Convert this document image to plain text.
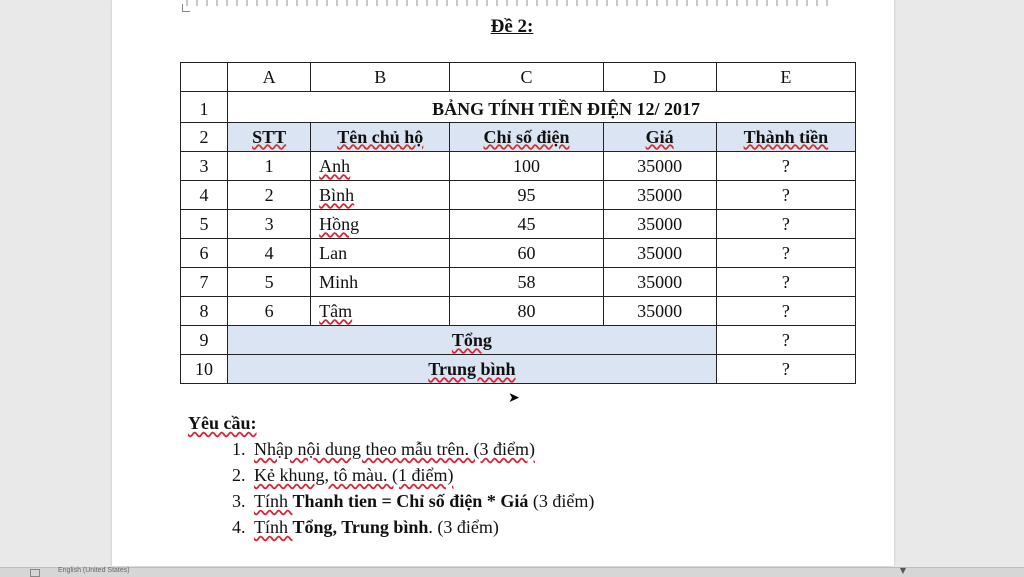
Đề 2:
	A	B	C	D	E
1	BẢNG TÍNH TIỀN ĐIỆN 12/ 2017				
2	STT	Tên chủ hộ	Chỉ số điện	Giá	Thành tiền
3	1	Anh	100	35000	?
4	2	Bình	95	35000	?
5	3	Hồng	45	35000	?
6	4	Lan	60	35000	?
7	5	Minh	58	35000	?
8	6	Tâm	80	35000	?
9	Tổng				?
10	Trung bình				?
➤
Yêu cầu:
1. Nhập nội dung theo mẫu trên. (3 điểm)
2. Kẻ khung, tô màu. (1 điểm)
3. Tính Thanh tien = Chỉ số điện * Giá (3 điểm)
4. Tính Tổng, Trung bình. (3 điểm)
English (United States)	▼
